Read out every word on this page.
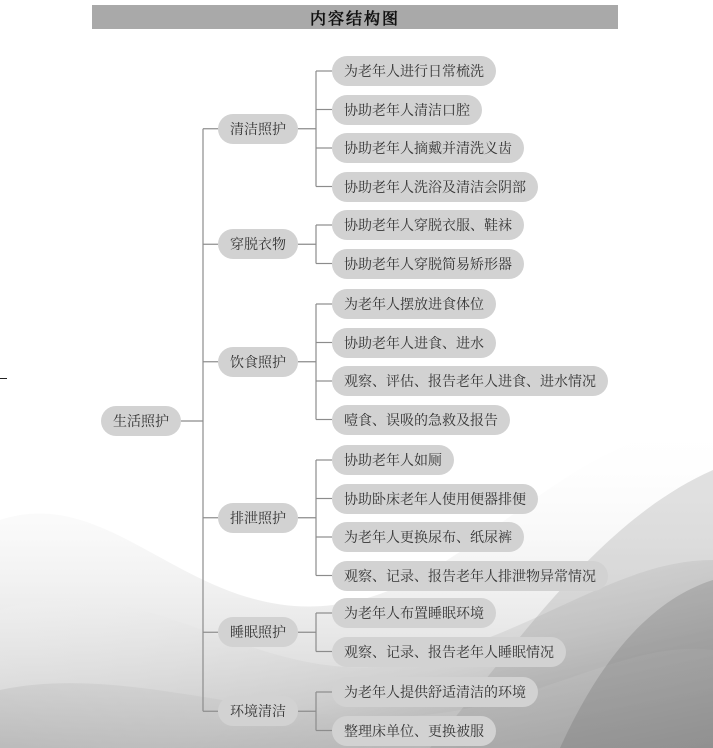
内容结构图
生活照护
清洁照护
为老年人进行日常梳洗
协助老年人清洁口腔
协助老年人摘戴并清洗义齿
协助老年人洗浴及清洁会阴部
穿脱衣物
协助老年人穿脱衣服、鞋袜
协助老年人穿脱简易矫形器
饮食照护
为老年人摆放进食体位
协助老年人进食、进水
观察、评估、报告老年人进食、进水情况
噎食、误吸的急救及报告
排泄照护
协助老年人如厕
协助卧床老年人使用便器排便
为老年人更换尿布、纸尿裤
观察、记录、报告老年人排泄物异常情况
睡眠照护
为老年人布置睡眠环境
观察、记录、报告老年人睡眠情况
环境清洁
为老年人提供舒适清洁的环境
整理床单位、更换被服
